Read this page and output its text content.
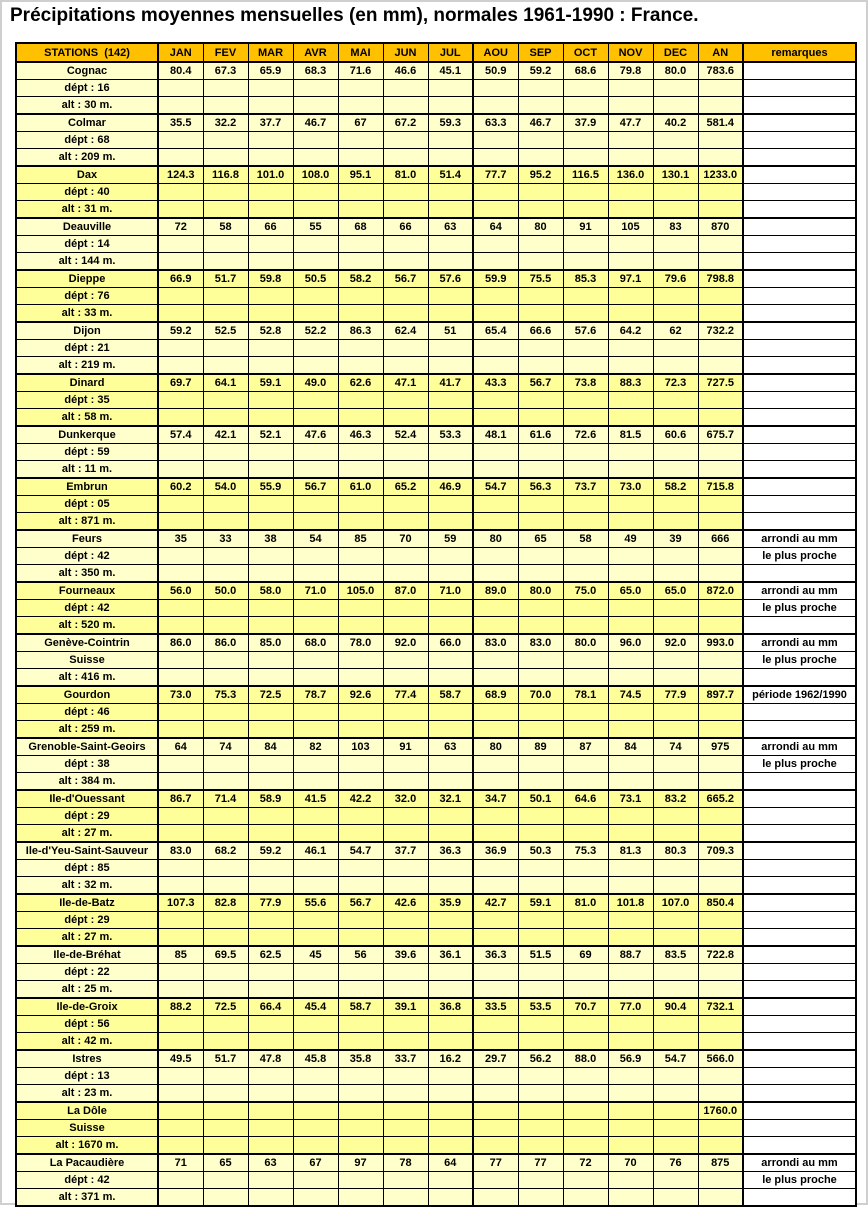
Précipitations moyennes mensuelles (en mm), normales 1961-1990 : France.
STATIONS  (142)	JAN	FEV	MAR	AVR	MAI	JUN	JUL	AOU	SEP	OCT	NOV	DEC	AN	remarques
Cognac	80.4	67.3	65.9	68.3	71.6	46.6	45.1	50.9	59.2	68.6	79.8	80.0	783.6	
dépt : 16														
alt : 30 m.														
Colmar	35.5	32.2	37.7	46.7	67	67.2	59.3	63.3	46.7	37.9	47.7	40.2	581.4	
dépt : 68														
alt : 209 m.														
Dax	124.3	116.8	101.0	108.0	95.1	81.0	51.4	77.7	95.2	116.5	136.0	130.1	1233.0	
dépt : 40														
alt : 31 m.														
Deauville	72	58	66	55	68	66	63	64	80	91	105	83	870	
dépt : 14														
alt : 144 m.														
Dieppe	66.9	51.7	59.8	50.5	58.2	56.7	57.6	59.9	75.5	85.3	97.1	79.6	798.8	
dépt : 76														
alt : 33 m.														
Dijon	59.2	52.5	52.8	52.2	86.3	62.4	51	65.4	66.6	57.6	64.2	62	732.2	
dépt : 21														
alt : 219 m.														
Dinard	69.7	64.1	59.1	49.0	62.6	47.1	41.7	43.3	56.7	73.8	88.3	72.3	727.5	
dépt : 35														
alt : 58 m.														
Dunkerque	57.4	42.1	52.1	47.6	46.3	52.4	53.3	48.1	61.6	72.6	81.5	60.6	675.7	
dépt : 59														
alt : 11 m.														
Embrun	60.2	54.0	55.9	56.7	61.0	65.2	46.9	54.7	56.3	73.7	73.0	58.2	715.8	
dépt : 05														
alt : 871 m.														
Feurs	35	33	38	54	85	70	59	80	65	58	49	39	666	arrondi au mm
dépt : 42														le plus proche
alt : 350 m.														
Fourneaux	56.0	50.0	58.0	71.0	105.0	87.0	71.0	89.0	80.0	75.0	65.0	65.0	872.0	arrondi au mm
dépt : 42														le plus proche
alt : 520 m.														
Genève-Cointrin	86.0	86.0	85.0	68.0	78.0	92.0	66.0	83.0	83.0	80.0	96.0	92.0	993.0	arrondi au mm
Suisse														le plus proche
alt : 416 m.														
Gourdon	73.0	75.3	72.5	78.7	92.6	77.4	58.7	68.9	70.0	78.1	74.5	77.9	897.7	période 1962/1990
dépt : 46														
alt : 259 m.														
Grenoble-Saint-Geoirs	64	74	84	82	103	91	63	80	89	87	84	74	975	arrondi au mm
dépt : 38														le plus proche
alt : 384 m.														
Ile-d'Ouessant	86.7	71.4	58.9	41.5	42.2	32.0	32.1	34.7	50.1	64.6	73.1	83.2	665.2	
dépt : 29														
alt : 27 m.														
Ile-d'Yeu-Saint-Sauveur	83.0	68.2	59.2	46.1	54.7	37.7	36.3	36.9	50.3	75.3	81.3	80.3	709.3	
dépt : 85														
alt : 32 m.														
Ile-de-Batz	107.3	82.8	77.9	55.6	56.7	42.6	35.9	42.7	59.1	81.0	101.8	107.0	850.4	
dépt : 29														
alt : 27 m.														
Ile-de-Bréhat	85	69.5	62.5	45	56	39.6	36.1	36.3	51.5	69	88.7	83.5	722.8	
dépt : 22														
alt : 25 m.														
Ile-de-Groix	88.2	72.5	66.4	45.4	58.7	39.1	36.8	33.5	53.5	70.7	77.0	90.4	732.1	
dépt : 56														
alt : 42 m.														
Istres	49.5	51.7	47.8	45.8	35.8	33.7	16.2	29.7	56.2	88.0	56.9	54.7	566.0	
dépt : 13														
alt : 23 m.														
La Dôle													1760.0	
Suisse														
alt : 1670 m.														
La Pacaudière	71	65	63	67	97	78	64	77	77	72	70	76	875	arrondi au mm
dépt : 42														le plus proche
alt : 371 m.														
